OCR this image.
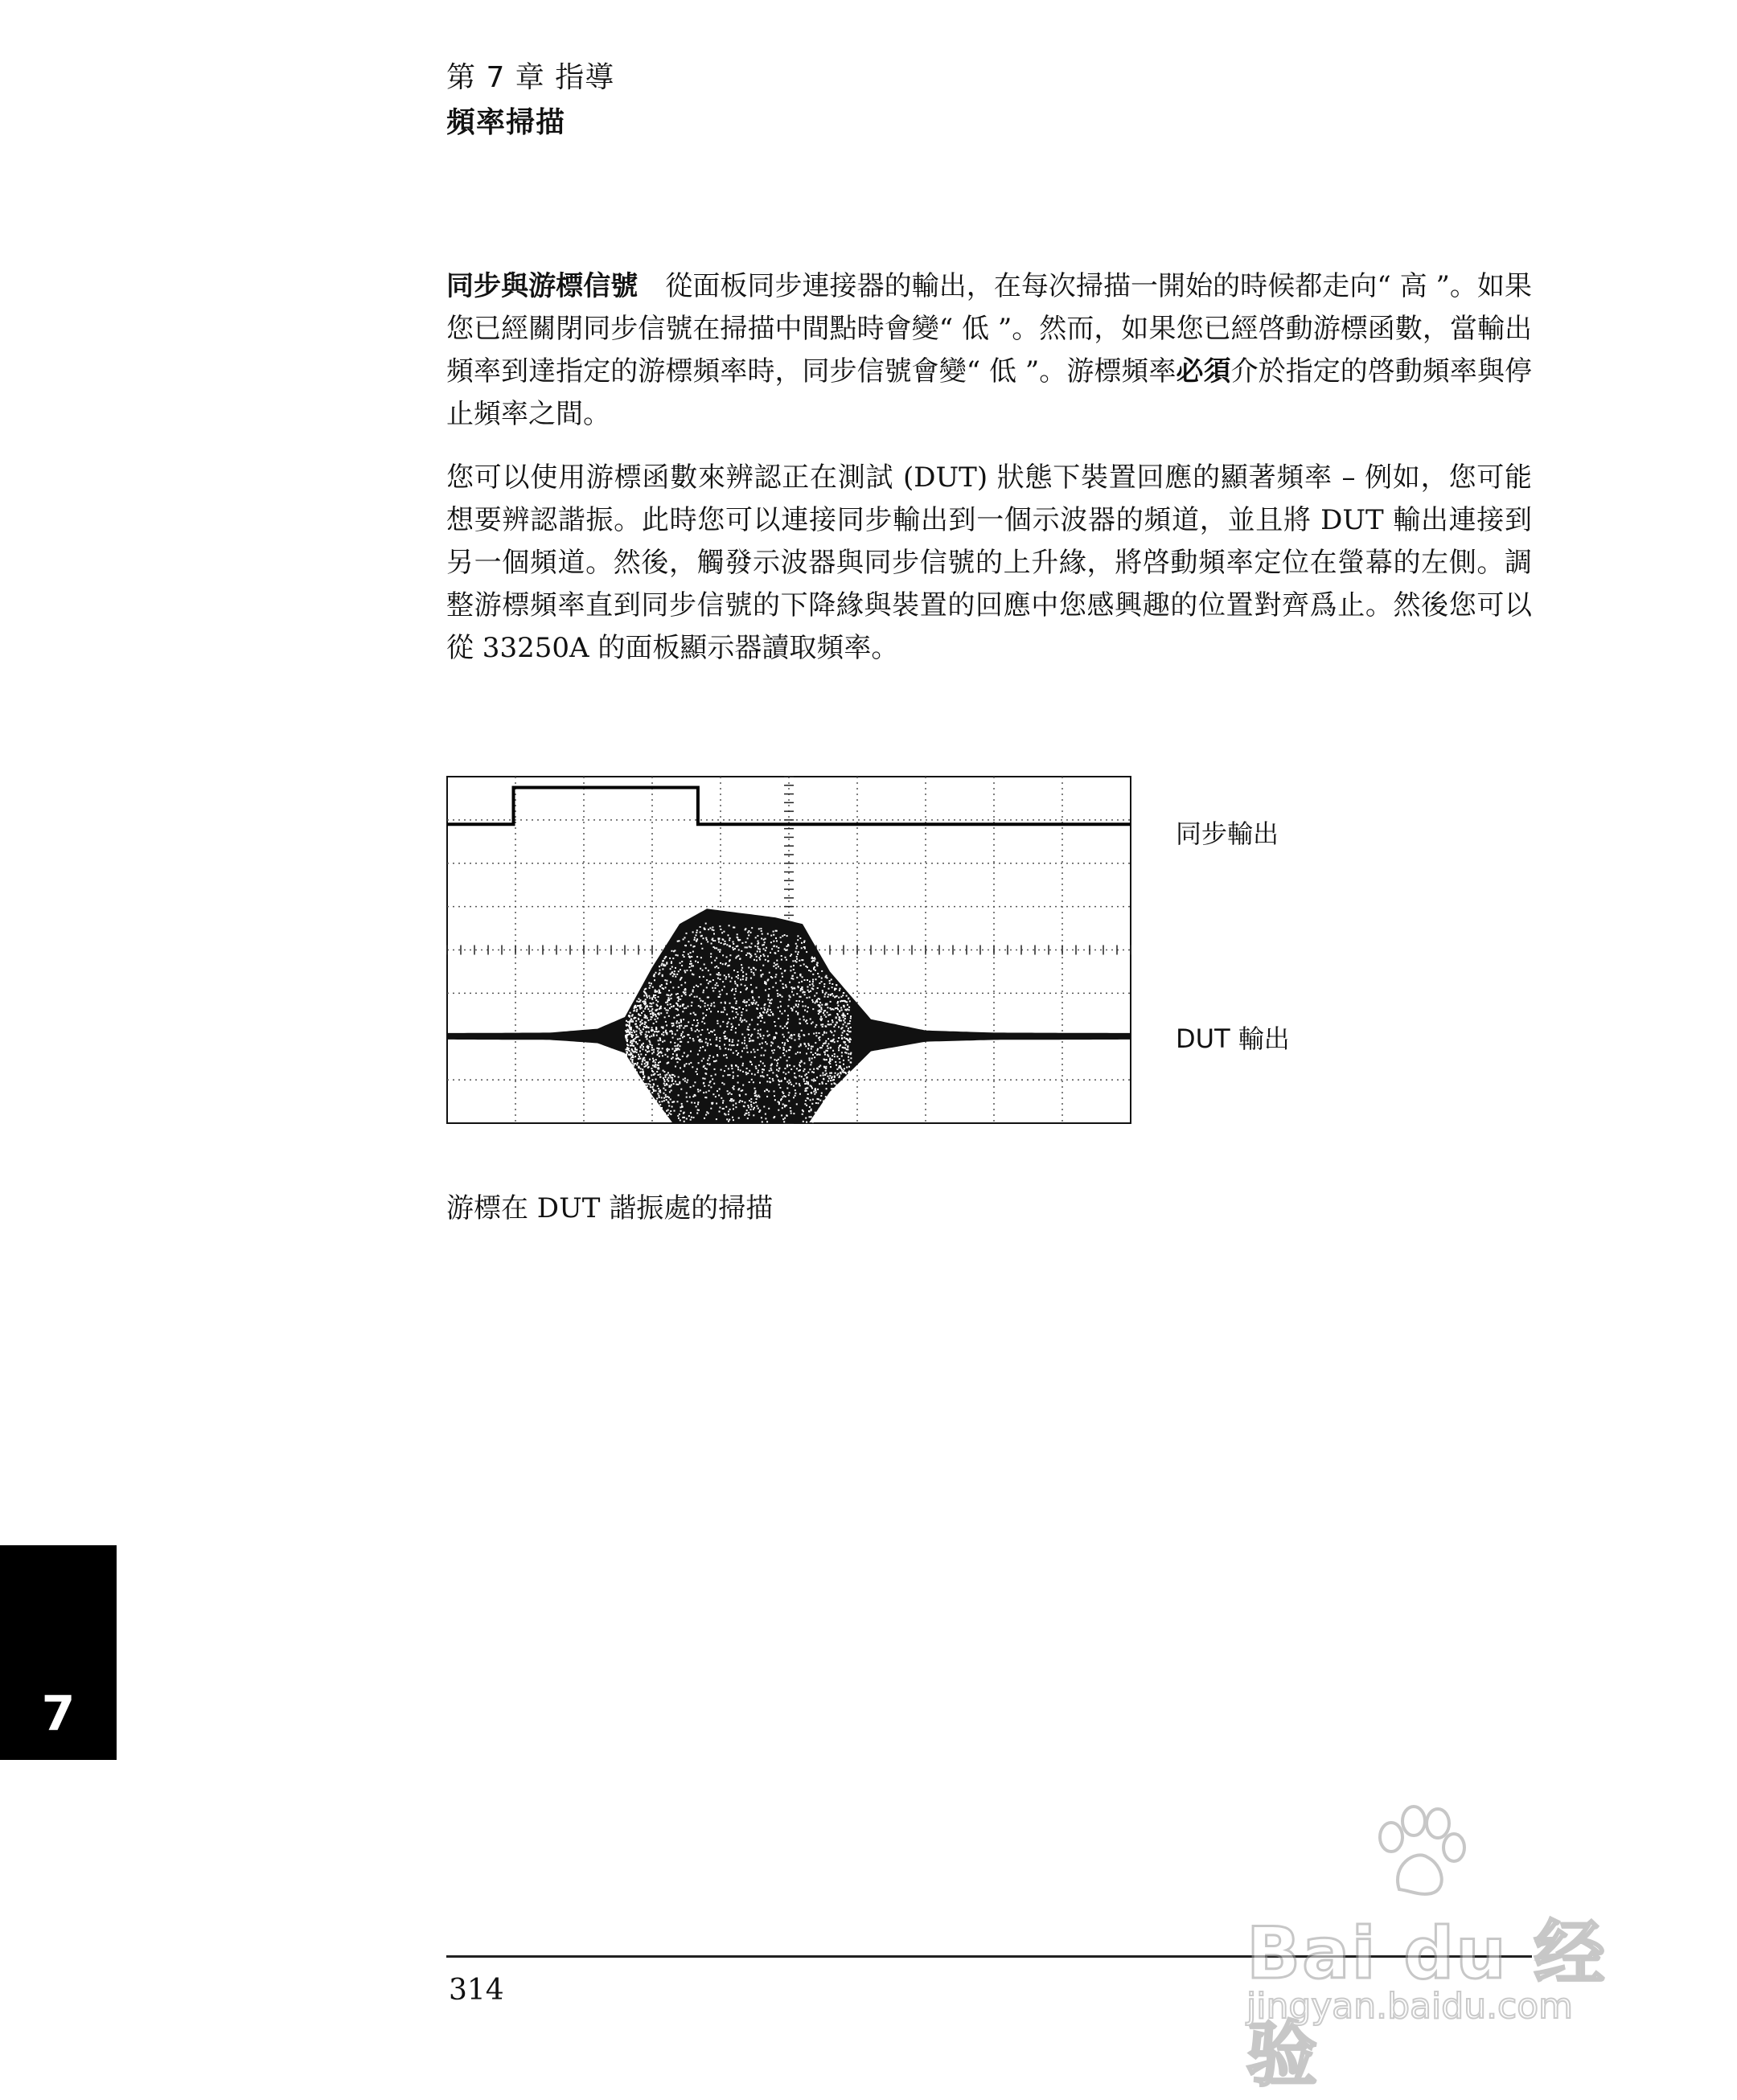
第 7 章 指導
頻率掃描
同步與游標信號 從面板同步連接器的輸出，在每次掃描一開始的時候都走向“ 高 ”。如果您已經關閉同步信號在掃描中間點時會變“ 低 ”。然而，如果您已經啓動游標函數，當輸出頻率到達指定的游標頻率時，同步信號會變“ 低 ”。游標頻率必須介於指定的啓動頻率與停止頻率之間。
您可以使用游標函數來辨認正在測試 (DUT) 狀態下裝置回應的顯著頻率 – 例如，您可能想要辨認諧振。此時您可以連接同步輸出到一個示波器的頻道，並且將 DUT 輸出連接到另一個頻道。然後，觸發示波器與同步信號的上升緣，將啓動頻率定位在螢幕的左側。調整游標頻率直到同步信號的下降緣與裝置的回應中您感興趣的位置對齊爲止。然後您可以從 33250A 的面板顯示器讀取頻率。
同步輸出
DUT 輸出
游標在 DUT 諧振處的掃描
7
314	Bai du 经验
jingyan.baidu.com
